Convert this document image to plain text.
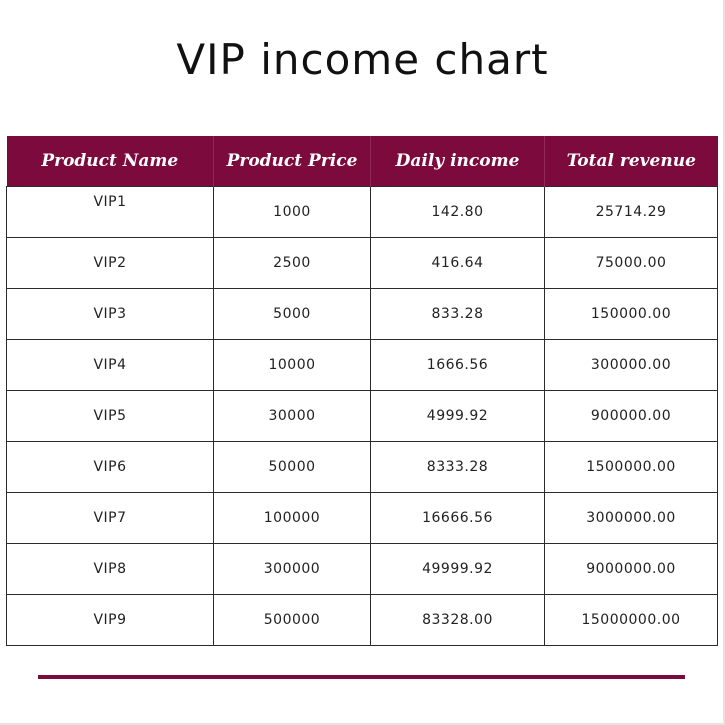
VIP income chart
Product Name	Product Price	Daily income	Total revenue
VIP1	1000	142.80	25714.29
VIP2	2500	416.64	75000.00
VIP3	5000	833.28	150000.00
VIP4	10000	1666.56	300000.00
VIP5	30000	4999.92	900000.00
VIP6	50000	8333.28	1500000.00
VIP7	100000	16666.56	3000000.00
VIP8	300000	49999.92	9000000.00
VIP9	500000	83328.00	15000000.00
